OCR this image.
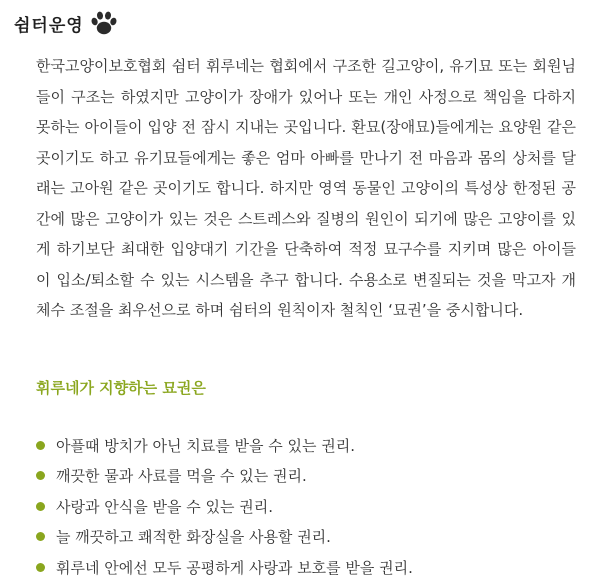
쉼터운영

한국고양이보호협회 쉼터 휘루네는 협회에서 구조한 길고양이, 유기묘 또는 회원님들이 구조는 하였지만 고양이가 장애가 있어나 또는 개인 사정으로 책임을 다하지 못하는 아이들이 입양 전 잠시 지내는 곳입니다. 환묘(장애묘)들에게는 요양원 같은 곳이기도 하고 유기묘들에게는 좋은 엄마 아빠를 만나기 전 마음과 몸의 상처를 달래는 고아원 같은 곳이기도 합니다. 하지만 영역 동물인 고양이의 특성상 한정된 공간에 많은 고양이가 있는 것은 스트레스와 질병의 원인이 되기에 많은 고양이를 있게 하기보단 최대한 입양대기 기간을 단축하여 적정 묘구수를 지키며 많은 아이들이 입소/퇴소할 수 있는 시스템을 추구 합니다. 수용소로 변질되는 것을 막고자 개체수 조절을 최우선으로 하며 쉼터의 원칙이자 철칙인 ‘묘권’을 중시합니다.

휘루네가 지향하는 묘권은

아플때 방치가 아닌 치료를 받을 수 있는 권리.
깨끗한 물과 사료를 먹을 수 있는 권리.
사랑과 안식을 받을 수 있는 권리.
늘 깨끗하고 쾌적한 화장실을 사용할 권리.
휘루네 안에선 모두 공평하게 사랑과 보호를 받을 권리.
